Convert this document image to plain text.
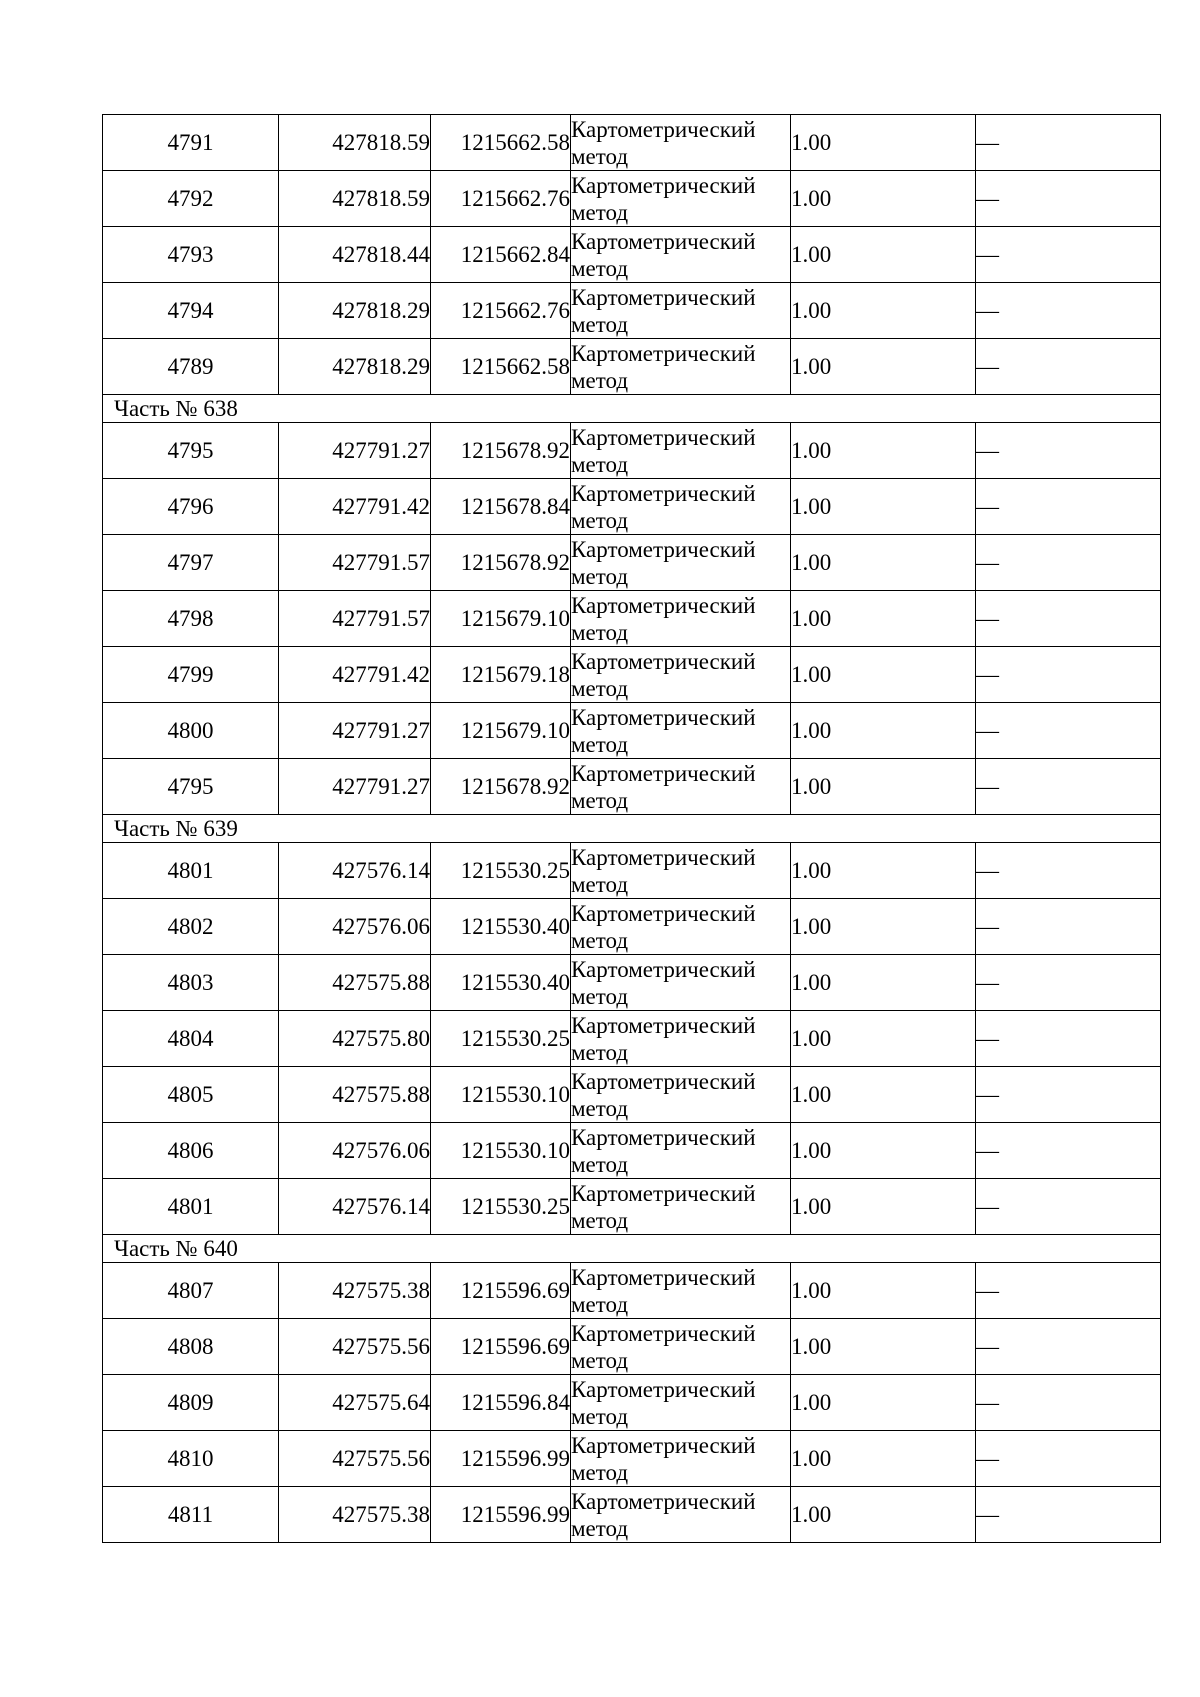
4791	427818.59	1215662.58	Картометрический метод	1.00	—
4792	427818.59	1215662.76	Картометрический метод	1.00	—
4793	427818.44	1215662.84	Картометрический метод	1.00	—
4794	427818.29	1215662.76	Картометрический метод	1.00	—
4789	427818.29	1215662.58	Картометрический метод	1.00	—
Часть № 638					
4795	427791.27	1215678.92	Картометрический метод	1.00	—
4796	427791.42	1215678.84	Картометрический метод	1.00	—
4797	427791.57	1215678.92	Картометрический метод	1.00	—
4798	427791.57	1215679.10	Картометрический метод	1.00	—
4799	427791.42	1215679.18	Картометрический метод	1.00	—
4800	427791.27	1215679.10	Картометрический метод	1.00	—
4795	427791.27	1215678.92	Картометрический метод	1.00	—
Часть № 639					
4801	427576.14	1215530.25	Картометрический метод	1.00	—
4802	427576.06	1215530.40	Картометрический метод	1.00	—
4803	427575.88	1215530.40	Картометрический метод	1.00	—
4804	427575.80	1215530.25	Картометрический метод	1.00	—
4805	427575.88	1215530.10	Картометрический метод	1.00	—
4806	427576.06	1215530.10	Картометрический метод	1.00	—
4801	427576.14	1215530.25	Картометрический метод	1.00	—
Часть № 640					
4807	427575.38	1215596.69	Картометрический метод	1.00	—
4808	427575.56	1215596.69	Картометрический метод	1.00	—
4809	427575.64	1215596.84	Картометрический метод	1.00	—
4810	427575.56	1215596.99	Картометрический метод	1.00	—
4811	427575.38	1215596.99	Картометрический метод	1.00	—
